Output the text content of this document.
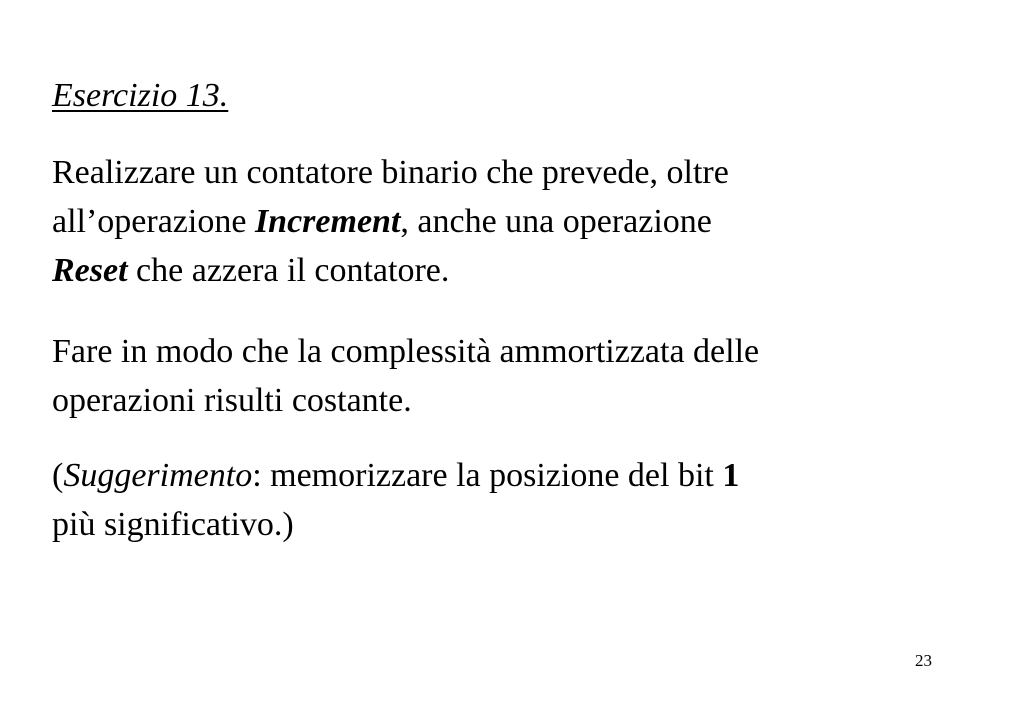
Esercizio 13.
Realizzare un contatore binario che prevede, oltre
all’operazione Increment, anche una operazione
Reset che azzera il contatore.
Fare in modo che la complessità ammortizzata delle
operazioni risulti costante.
(Suggerimento: memorizzare la posizione del bit 1
più significativo.)
23
